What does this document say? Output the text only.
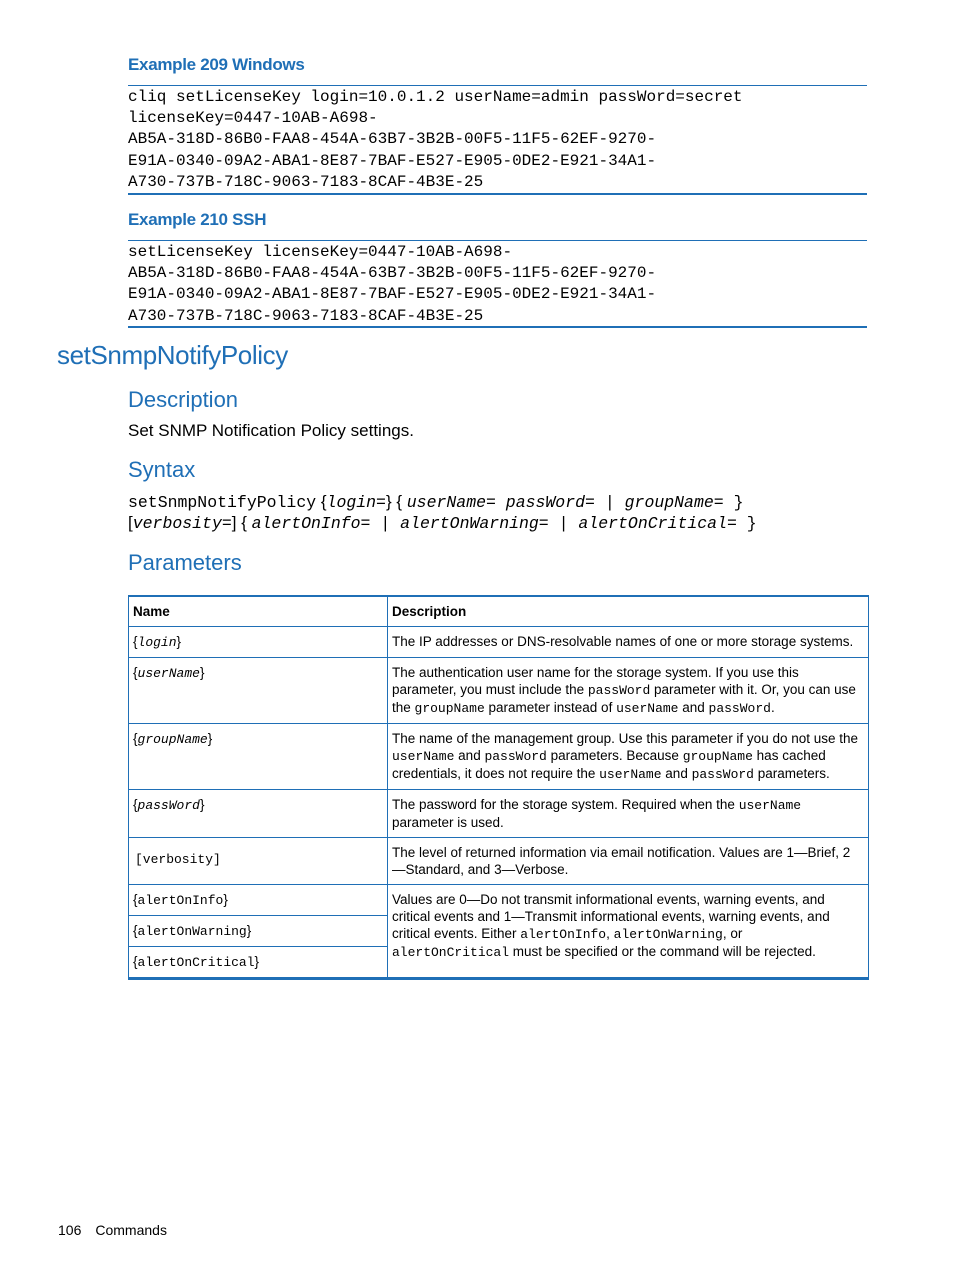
Example 209 Windows
cliq setLicenseKey login=10.0.1.2 userName=admin passWord=secret
licenseKey=0447-10AB-A698-
AB5A-318D-86B0-FAA8-454A-63B7-3B2B-00F5-11F5-62EF-9270-
E91A-0340-09A2-ABA1-8E87-7BAF-E527-E905-0DE2-E921-34A1-
A730-737B-718C-9063-7183-8CAF-4B3E-25
Example 210 SSH
setLicenseKey licenseKey=0447-10AB-A698-
AB5A-318D-86B0-FAA8-454A-63B7-3B2B-00F5-11F5-62EF-9270-
E91A-0340-09A2-ABA1-8E87-7BAF-E527-E905-0DE2-E921-34A1-
A730-737B-718C-9063-7183-8CAF-4B3E-25
setSnmpNotifyPolicy
Description
Set SNMP Notification Policy settings.
Syntax
setSnmpNotifyPolicy {login=} { userName= passWord= | groupName= }
[verbosity=] { alertOnInfo= | alertOnWarning= | alertOnCritical= }
Parameters
Name	Description
{login}	The IP addresses or DNS-resolvable names of one or more storage systems.
{userName}	The authentication user name for the storage system. If you use this parameter, you must include the passWord parameter with it. Or, you can use the groupName parameter instead of userName and passWord.
{groupName}	The name of the management group. Use this parameter if you do not use the userName and passWord parameters. Because groupName has cached credentials, it does not require the userName and passWord parameters.
{passWord}	The password for the storage system. Required when the userName parameter is used.
[verbosity]	The level of returned information via email notification. Values are 1—Brief, 2—Standard, and 3—Verbose.
{alertOnInfo}	Values are 0—Do not transmit informational events, warning events, and critical events and 1—Transmit informational events, warning events, and critical events. Either alertOnInfo, alertOnWarning, or alertOnCritical must be specified or the command will be rejected.
{alertOnWarning}	
{alertOnCritical}	
106 Commands
